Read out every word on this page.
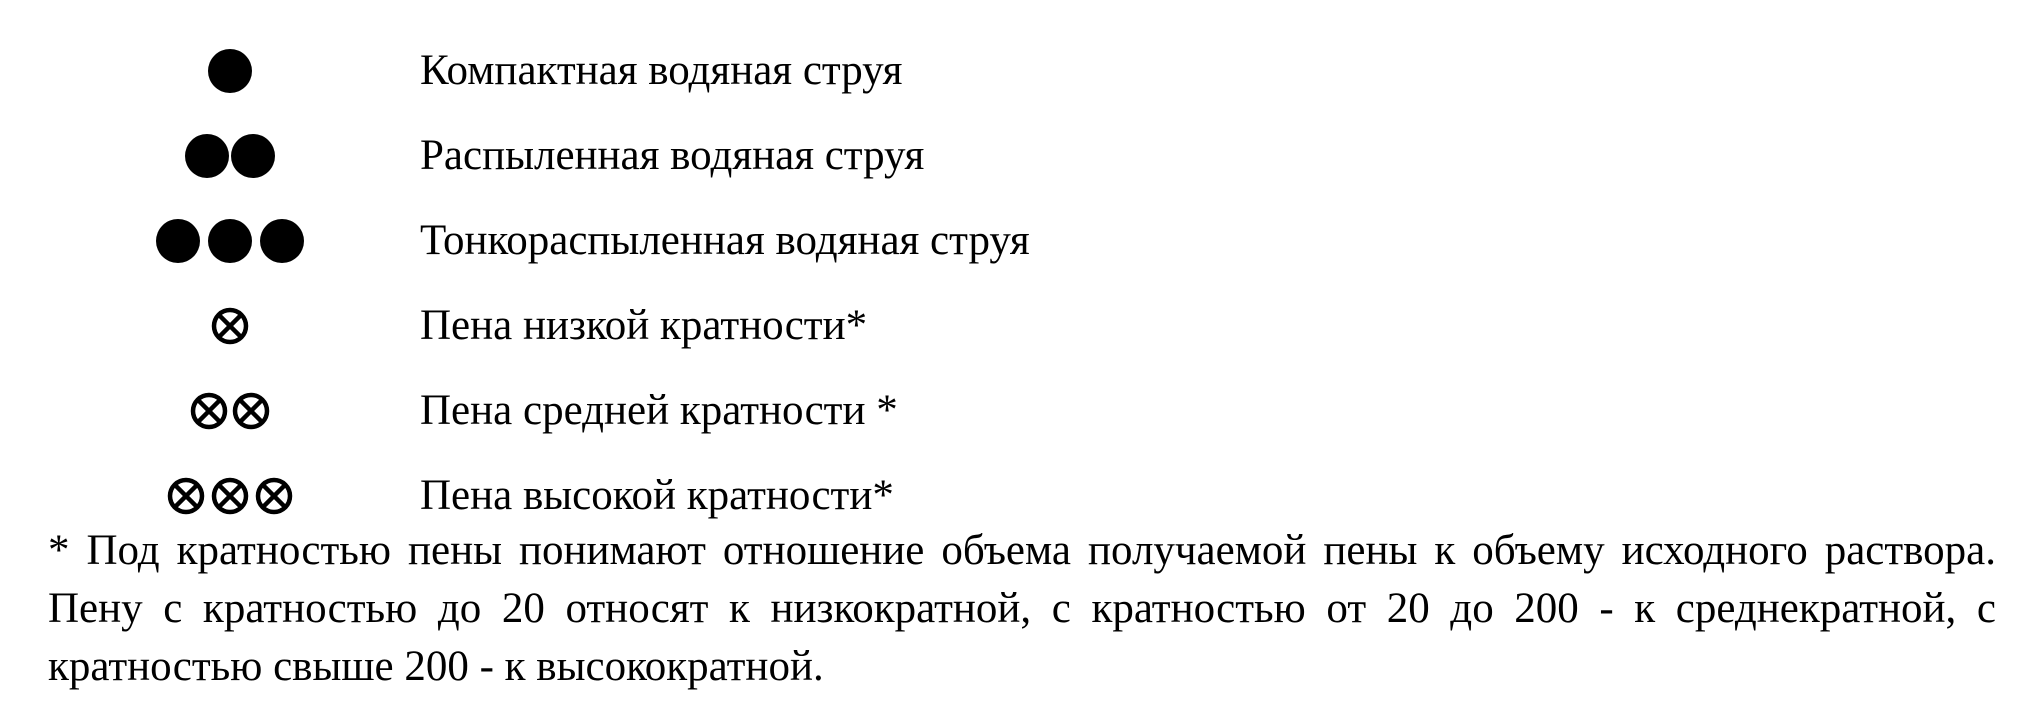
Компактная водяная струя
Распыленная водяная струя
Тонкораспыленная водяная струя
Пена низкой кратности*
Пена средней кратности *
Пена высокой кратности*
* Под кратностью пены понимают отношение объема получаемой пены к объему исходного раствора. Пену с кратностью до 20 относят к низкократной, с кратностью от 20 до 200 - к среднекратной, с кратностью свыше 200 - к высокократной.
